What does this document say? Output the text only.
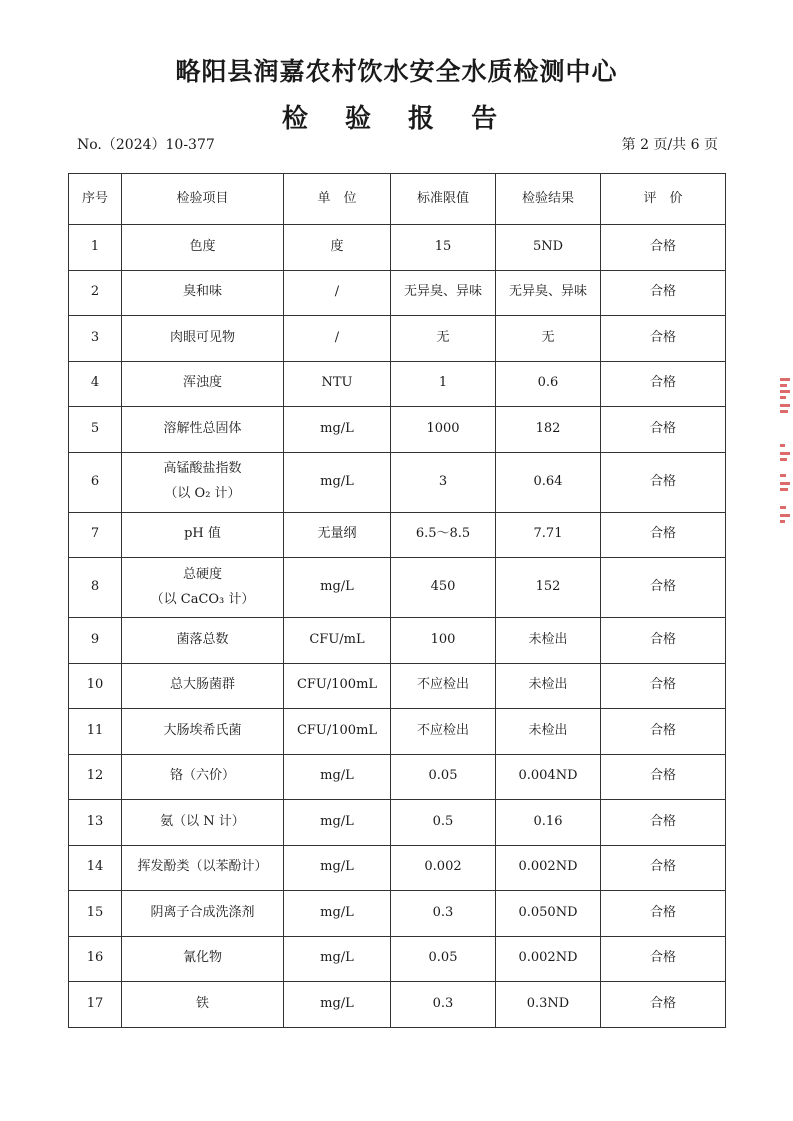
略阳县润嘉农村饮水安全水质检测中心
检 验 报 告
No.（2024）10-377	第 2 页/共 6 页
序号	检验项目	单　位	标准限值	检验结果	评　价
1	色度	度	15	5ND	合格
2	臭和味	/	无异臭、异味	无异臭、异味	合格
3	肉眼可见物	/	无	无	合格
4	浑浊度	NTU	1	0.6	合格
5	溶解性总固体	mg/L	1000	182	合格
6	高锰酸盐指数
（以 O₂ 计）	mg/L	3	0.64	合格
7	pH 值	无量纲	6.5～8.5	7.71	合格
8	总硬度
（以 CaCO₃ 计）	mg/L	450	152	合格
9	菌落总数	CFU/mL	100	未检出	合格
10	总大肠菌群	CFU/100mL	不应检出	未检出	合格
11	大肠埃希氏菌	CFU/100mL	不应检出	未检出	合格
12	铬（六价）	mg/L	0.05	0.004ND	合格
13	氨（以 N 计）	mg/L	0.5	0.16	合格
14	挥发酚类（以苯酚计）	mg/L	0.002	0.002ND	合格
15	阴离子合成洗涤剂	mg/L	0.3	0.050ND	合格
16	氰化物	mg/L	0.05	0.002ND	合格
17	铁	mg/L	0.3	0.3ND	合格
